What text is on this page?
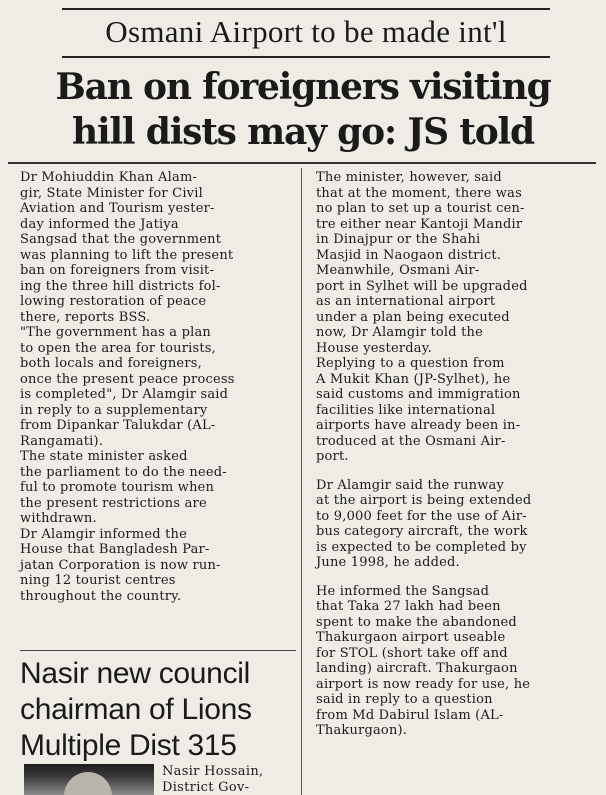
Osmani Airport to be made int'l
Ban on foreigners visiting
hill dists may go: JS told

Dr Mohiuddin Khan Alam-
gir, State Minister for Civil
Aviation and Tourism yester-
day informed the Jatiya
Sangsad that the government
was planning to lift the present
ban on foreigners from visit-
ing the three hill districts fol-
lowing restoration of peace
there, reports BSS.

"The government has a plan
to open the area for tourists,
both locals and foreigners,
once the present peace process
is completed", Dr Alamgir said
in reply to a supplementary
from Dipankar Talukdar (AL-
Rangamati).

The state minister asked
the parliament to do the need-
ful to promote tourism when
the present restrictions are
withdrawn.

Dr Alamgir informed the
House that Bangladesh Par-
jatan Corporation is now run-
ning 12 tourist centres
throughout the country.

The minister, however, said
that at the moment, there was
no plan to set up a tourist cen-
tre either near Kantoji Mandir
in Dinajpur or the Shahi
Masjid in Naogaon district.

Meanwhile, Osmani Air-
port in Sylhet will be upgraded
as an international airport
under a plan being executed
now, Dr Alamgir told the
House yesterday.

Replying to a question from
A Mukit Khan (JP-Sylhet), he
said customs and immigration
facilities like international
airports have already been in-
troduced at the Osmani Air-
port.

Dr Alamgir said the runway
at the airport is being extended
to 9,000 feet for the use of Air-
bus category aircraft, the work
is expected to be completed by
June 1998, he added.

He informed the Sangsad
that Taka 27 lakh had been
spent to make the abandoned
Thakurgaon airport useable
for STOL (short take off and
landing) aircraft. Thakurgaon
airport is now ready for use, he
said in reply to a question
from Md Dabirul Islam (AL-
Thakurgaon).

Nasir new council
chairman of Lions
Multiple Dist 315
Nasir Hossain,
District Gov-
